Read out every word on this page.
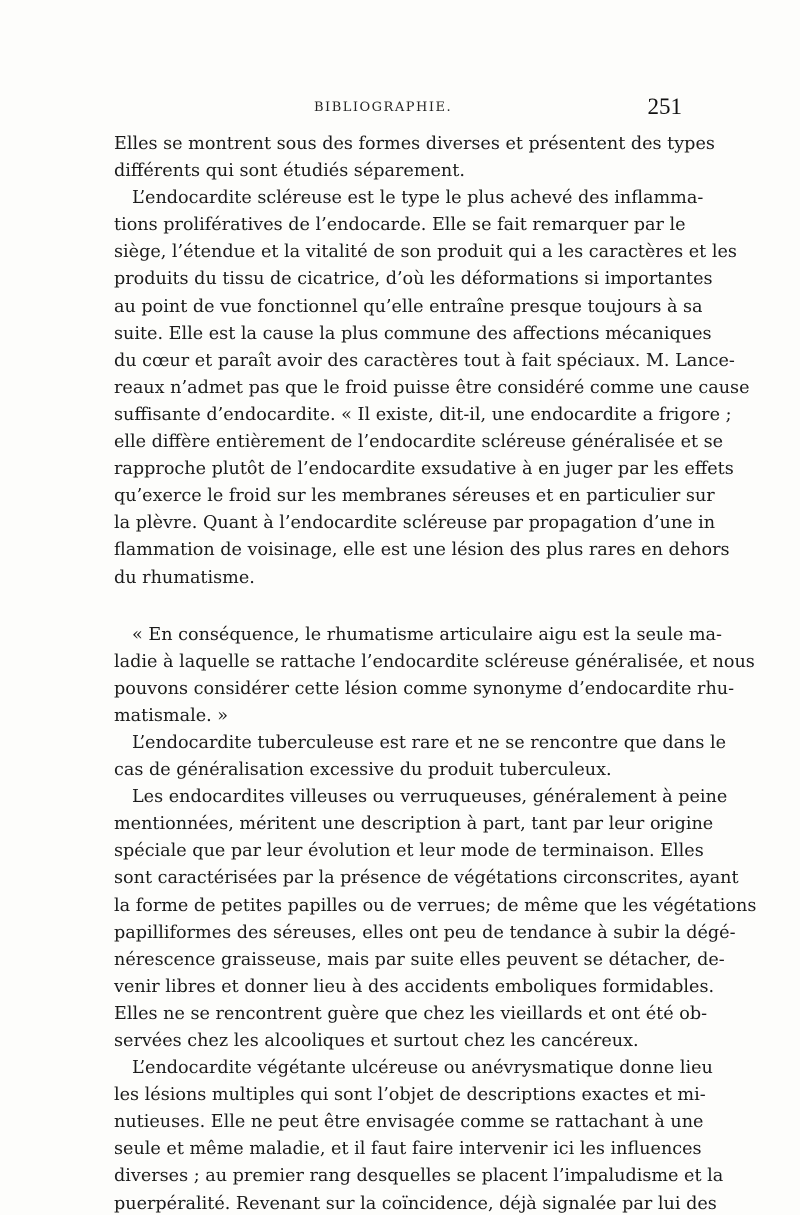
BIBLIOGRAPHIE.	251
Elles se montrent sous des formes diverses et présentent des types
différents qui sont étudiés séparement.
L’endocardite scléreuse est le type le plus achevé des inflamma-
tions prolifératives de l’endocarde. Elle se fait remarquer par le
siège, l’étendue et la vitalité de son produit qui a les caractères et les
produits du tissu de cicatrice, d’où les déformations si importantes
au point de vue fonctionnel qu’elle entraîne presque toujours à sa
suite. Elle est la cause la plus commune des affections mécaniques
du cœur et paraît avoir des caractères tout à fait spéciaux. M. Lance-
reaux n’admet pas que le froid puisse être considéré comme une cause
suffisante d’endocardite. « Il existe, dit-il, une endocardite a frigore ;
elle diffère entièrement de l’endocardite scléreuse généralisée et se
rapproche plutôt de l’endocardite exsudative à en juger par les effets
qu’exerce le froid sur les membranes séreuses et en particulier sur
la plèvre. Quant à l’endocardite scléreuse par propagation d’une in
flammation de voisinage, elle est une lésion des plus rares en dehors
du rhumatisme.
« En conséquence, le rhumatisme articulaire aigu est la seule ma-
ladie à laquelle se rattache l’endocardite scléreuse généralisée, et nous
pouvons considérer cette lésion comme synonyme d’endocardite rhu-
matismale. »
L’endocardite tuberculeuse est rare et ne se rencontre que dans le
cas de généralisation excessive du produit tuberculeux.
Les endocardites villeuses ou verruqueuses, généralement à peine
mentionnées, méritent une description à part, tant par leur origine
spéciale que par leur évolution et leur mode de terminaison. Elles
sont caractérisées par la présence de végétations circonscrites, ayant
la forme de petites papilles ou de verrues; de même que les végétations
papilliformes des séreuses, elles ont peu de tendance à subir la dégé-
nérescence graisseuse, mais par suite elles peuvent se détacher, de-
venir libres et donner lieu à des accidents emboliques formidables.
Elles ne se rencontrent guère que chez les vieillards et ont été ob-
servées chez les alcooliques et surtout chez les cancéreux.
L’endocardite végétante ulcéreuse ou anévrysmatique donne lieu
les lésions multiples qui sont l’objet de descriptions exactes et mi-
nutieuses. Elle ne peut être envisagée comme se rattachant à une
seule et même maladie, et il faut faire intervenir ici les influences
diverses ; au premier rang desquelles se placent l’impaludisme et la
puerpéralité. Revenant sur la coïncidence, déjà signalée par lui des
